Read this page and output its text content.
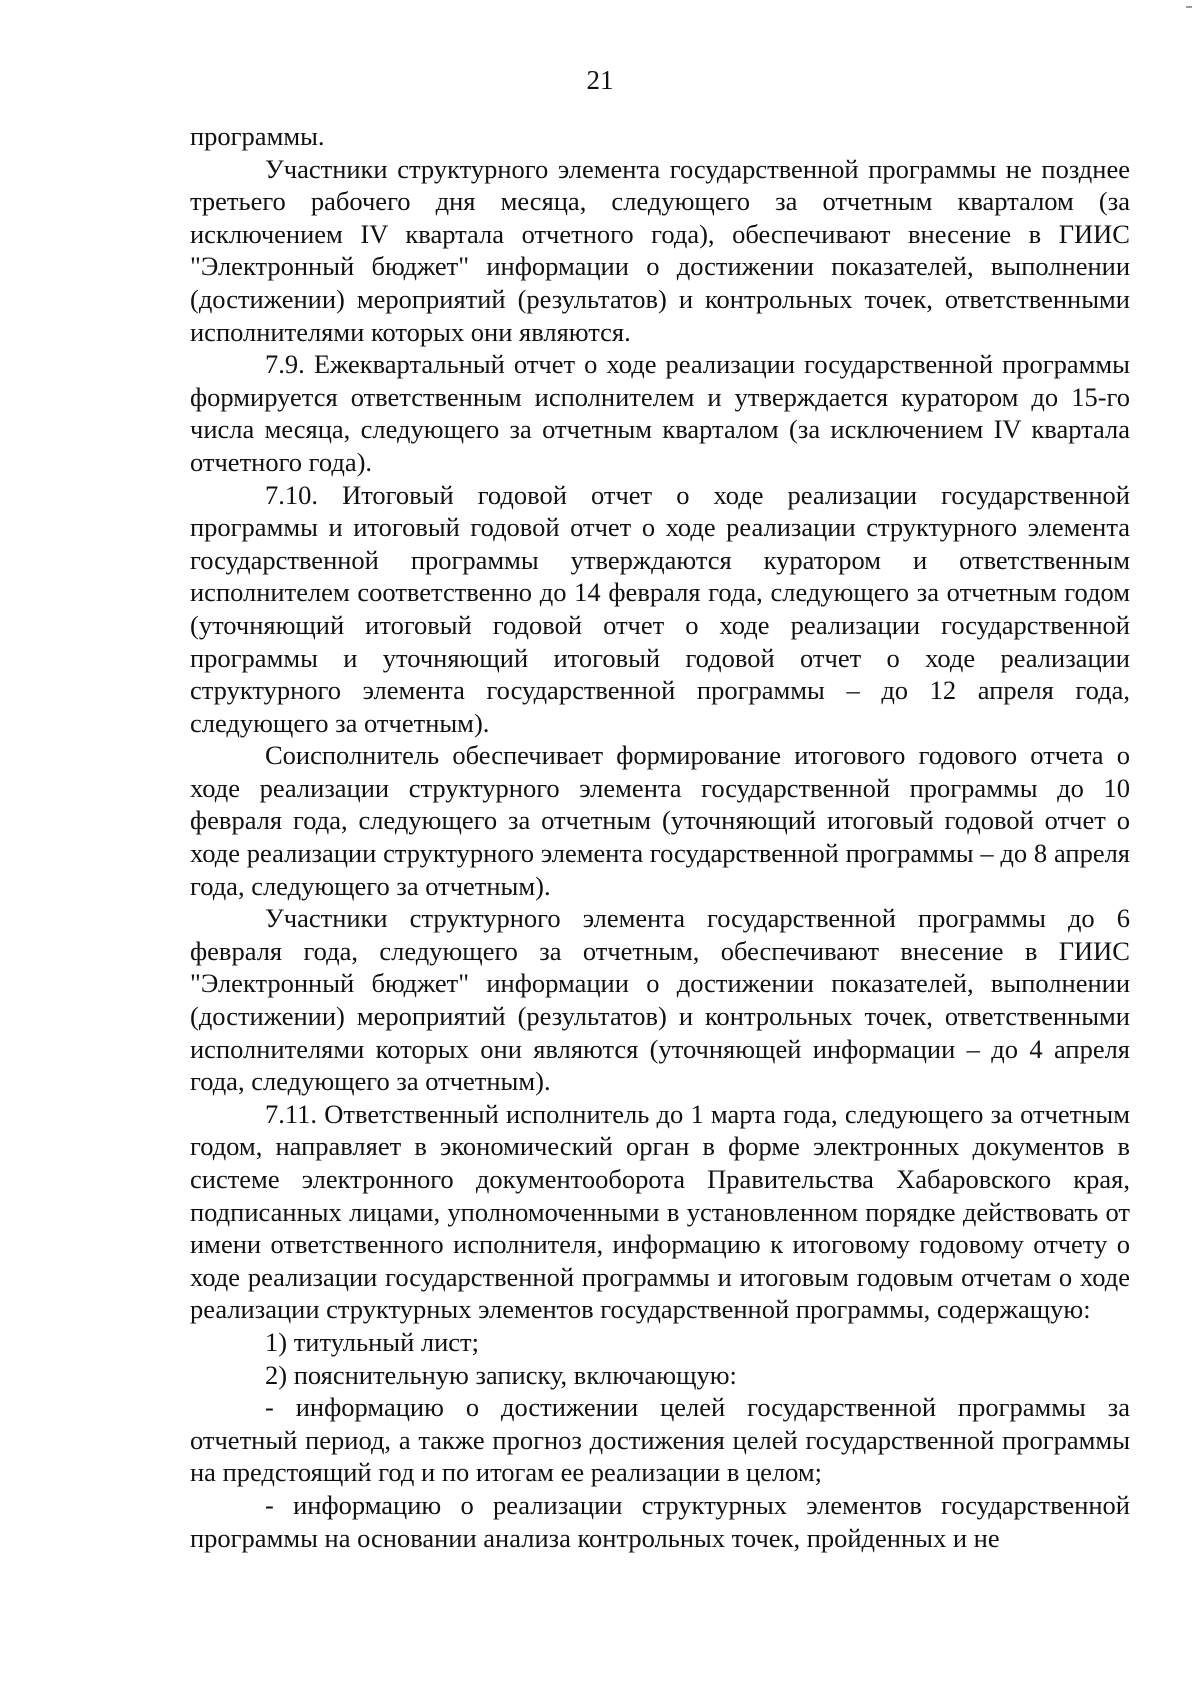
21

программы.

Участники структурного элемента государственной программы не позднее третьего рабочего дня месяца, следующего за отчетным кварталом (за исключением IV квартала отчетного года), обеспечивают внесение в ГИИС "Электронный бюджет" информации о достижении показателей, выполнении (достижении) мероприятий (результатов) и контрольных точек, ответственными исполнителями которых они являются.

7.9. Ежеквартальный отчет о ходе реализации государственной программы формируется ответственным исполнителем и утверждается куратором до 15-го числа месяца, следующего за отчетным кварталом (за исключением IV квартала отчетного года).

7.10. Итоговый годовой отчет о ходе реализации государственной программы и итоговый годовой отчет о ходе реализации структурного элемента государственной программы утверждаются куратором и ответственным исполнителем соответственно до 14 февраля года, следующего за отчетным годом (уточняющий итоговый годовой отчет о ходе реализации государственной программы и уточняющий итоговый годовой отчет о ходе реализации структурного элемента государственной программы – до 12 апреля года, следующего за отчетным).

Соисполнитель обеспечивает формирование итогового годового отчета о ходе реализации структурного элемента государственной программы до 10 февраля года, следующего за отчетным (уточняющий итоговый годовой отчет о ходе реализации структурного элемента государственной программы – до 8 апреля года, следующего за отчетным).

Участники структурного элемента государственной программы до 6 февраля года, следующего за отчетным, обеспечивают внесение в ГИИС "Электронный бюджет" информации о достижении показателей, выполнении (достижении) мероприятий (результатов) и контрольных точек, ответственными исполнителями которых они являются (уточняющей информации – до 4 апреля года, следующего за отчетным).

7.11. Ответственный исполнитель до 1 марта года, следующего за отчетным годом, направляет в экономический орган в форме электронных документов в системе электронного документооборота Правительства Хабаровского края, подписанных лицами, уполномоченными в установленном порядке действовать от имени ответственного исполнителя, информацию к итоговому годовому отчету о ходе реализации государственной программы и итоговым годовым отчетам о ходе реализации структурных элементов государственной программы, содержащую:

1) титульный лист;

2) пояснительную записку, включающую:

- информацию о достижении целей государственной программы за отчетный период, а также прогноз достижения целей государственной программы на предстоящий год и по итогам ее реализации в целом;

- информацию о реализации структурных элементов государственной программы на основании анализа контрольных точек, пройденных и не
